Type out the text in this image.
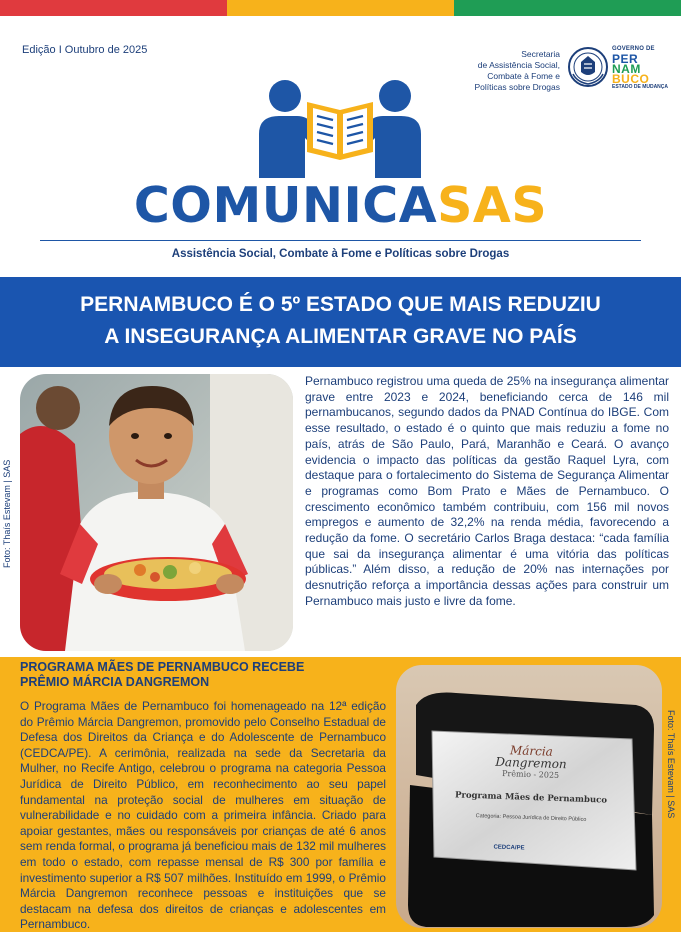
Edição I Outubro de 2025	Secretaria
de Assistência Social,
Combate à Fome e
Políticas sobre Drogas
GOVERNO DE
PER
NAM
BUCO
ESTADO DE MUDANÇA
COMUNICASAS
Assistência Social, Combate à Fome e Políticas sobre Drogas
PERNAMBUCO É O 5º ESTADO QUE MAIS REDUZIU
A INSEGURANÇA ALIMENTAR GRAVE NO PAÍS
Foto: Thaís Estevam | SAS

Pernambuco registrou uma queda de 25% na insegurança alimentar grave entre 2023 e 2024, beneficiando cerca de 146 mil pernambucanos, segundo dados da PNAD Contínua do IBGE. Com esse resultado, o estado é o quinto que mais reduziu a fome no país, atrás de São Paulo, Pará, Maranhão e Ceará. O avanço evidencia o impacto das políticas da gestão Raquel Lyra, com destaque para o fortalecimento do Sistema de Segurança Alimentar e programas como Bom Prato e Mães de Pernambuco. O crescimento econômico também contribuiu, com 156 mil novos empregos e aumento de 32,2% na renda média, favorecendo a redução da fome. O secretário Carlos Braga destaca: “cada família que sai da insegurança alimentar é uma vitória das políticas públicas.” Além disso, a redução de 20% nas internações por desnutrição reforça a importância dessas ações para construir um Pernambuco mais justo e livre da fome.

PROGRAMA MÃES DE PERNAMBUCO RECEBE
PRÊMIO MÁRCIA DANGREMON

O Programa Mães de Pernambuco foi homenageado na 12ª edição do Prêmio Márcia Dangremon, promovido pelo Conselho Estadual de Defesa dos Direitos da Criança e do Adolescente de Pernambuco (CEDCA/PE). A cerimônia, realizada na sede da Secretaria da Mulher, no Recife Antigo, celebrou o programa na categoria Pessoa Jurídica de Direito Público, em reconhecimento ao seu papel fundamental na proteção social de mulheres em situação de vulnerabilidade e no cuidado com a primeira infância. Criado para apoiar gestantes, mães ou responsáveis por crianças de até 6 anos sem renda formal, o programa já beneficiou mais de 132 mil mulheres em todo o estado, com repasse mensal de R$ 300 por família e investimento superior a R$ 507 milhões. Instituído em 1999, o Prêmio Márcia Dangremon reconhece pessoas e instituições que se destacam na defesa dos direitos de crianças e adolescentes em Pernambuco.

Márcia
Dangremon
Prêmio - 2025
Programa Mães de Pernambuco
Categoria: Pessoa Jurídica de Direito Público
CEDCA/PE
Foto: Thaís Estevam | SAS
